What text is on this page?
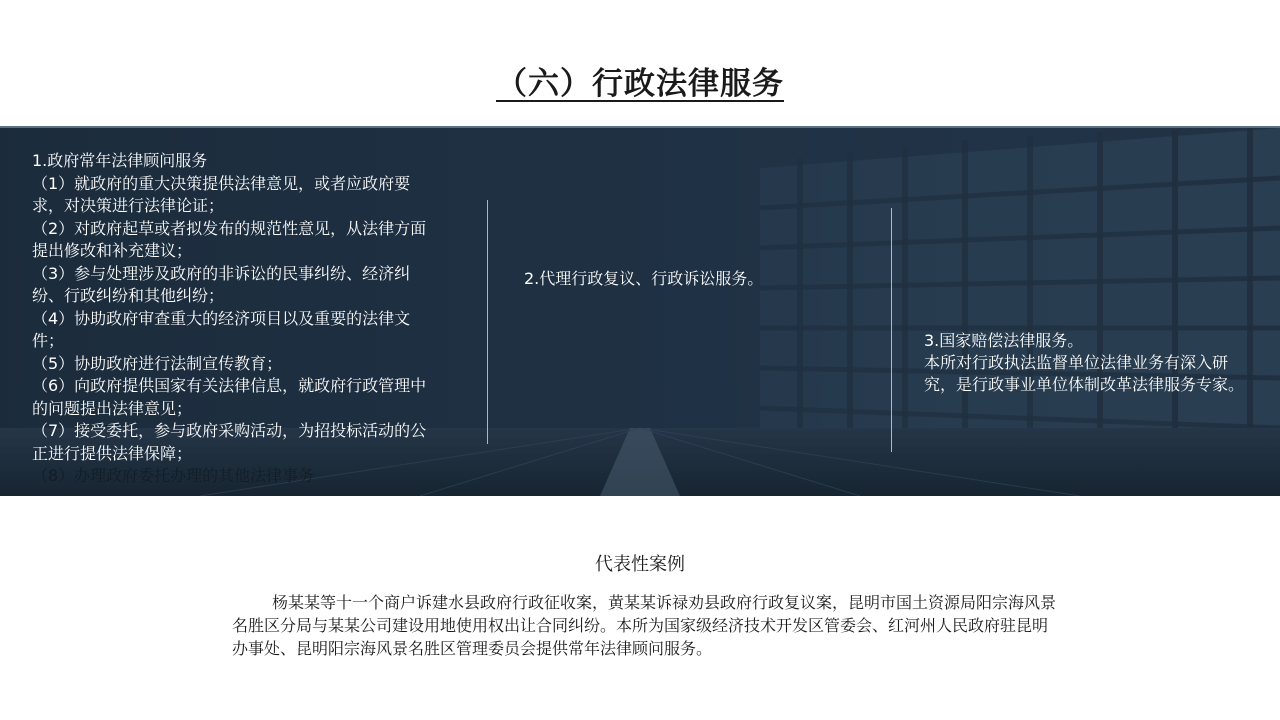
（六）行政法律服务
1.政府常年法律顾问服务
（1）就政府的重大决策提供法律意见，或者应政府要求，对决策进行法律论证；
（2）对政府起草或者拟发布的规范性意见，从法律方面提出修改和补充建议；
（3）参与处理涉及政府的非诉讼的民事纠纷、经济纠纷、行政纠纷和其他纠纷；
（4）协助政府审查重大的经济项目以及重要的法律文件；
（5）协助政府进行法制宣传教育；
（6）向政府提供国家有关法律信息，就政府行政管理中的问题提出法律意见；
（7）接受委托，参与政府采购活动，为招投标活动的公正进行提供法律保障；
（8）办理政府委托办理的其他法律事务
2.代理行政复议、行政诉讼服务。
3.国家赔偿法律服务。
本所对行政执法监督单位法律业务有深入研究，是行政事业单位体制改革法律服务专家。
代表性案例
杨某某等十一个商户诉建水县政府行政征收案，黄某某诉禄劝县政府行政复议案，昆明市国土资源局阳宗海风景名胜区分局与某某公司建设用地使用权出让合同纠纷。本所为国家级经济技术开发区管委会、红河州人民政府驻昆明办事处、昆明阳宗海风景名胜区管理委员会提供常年法律顾问服务。
